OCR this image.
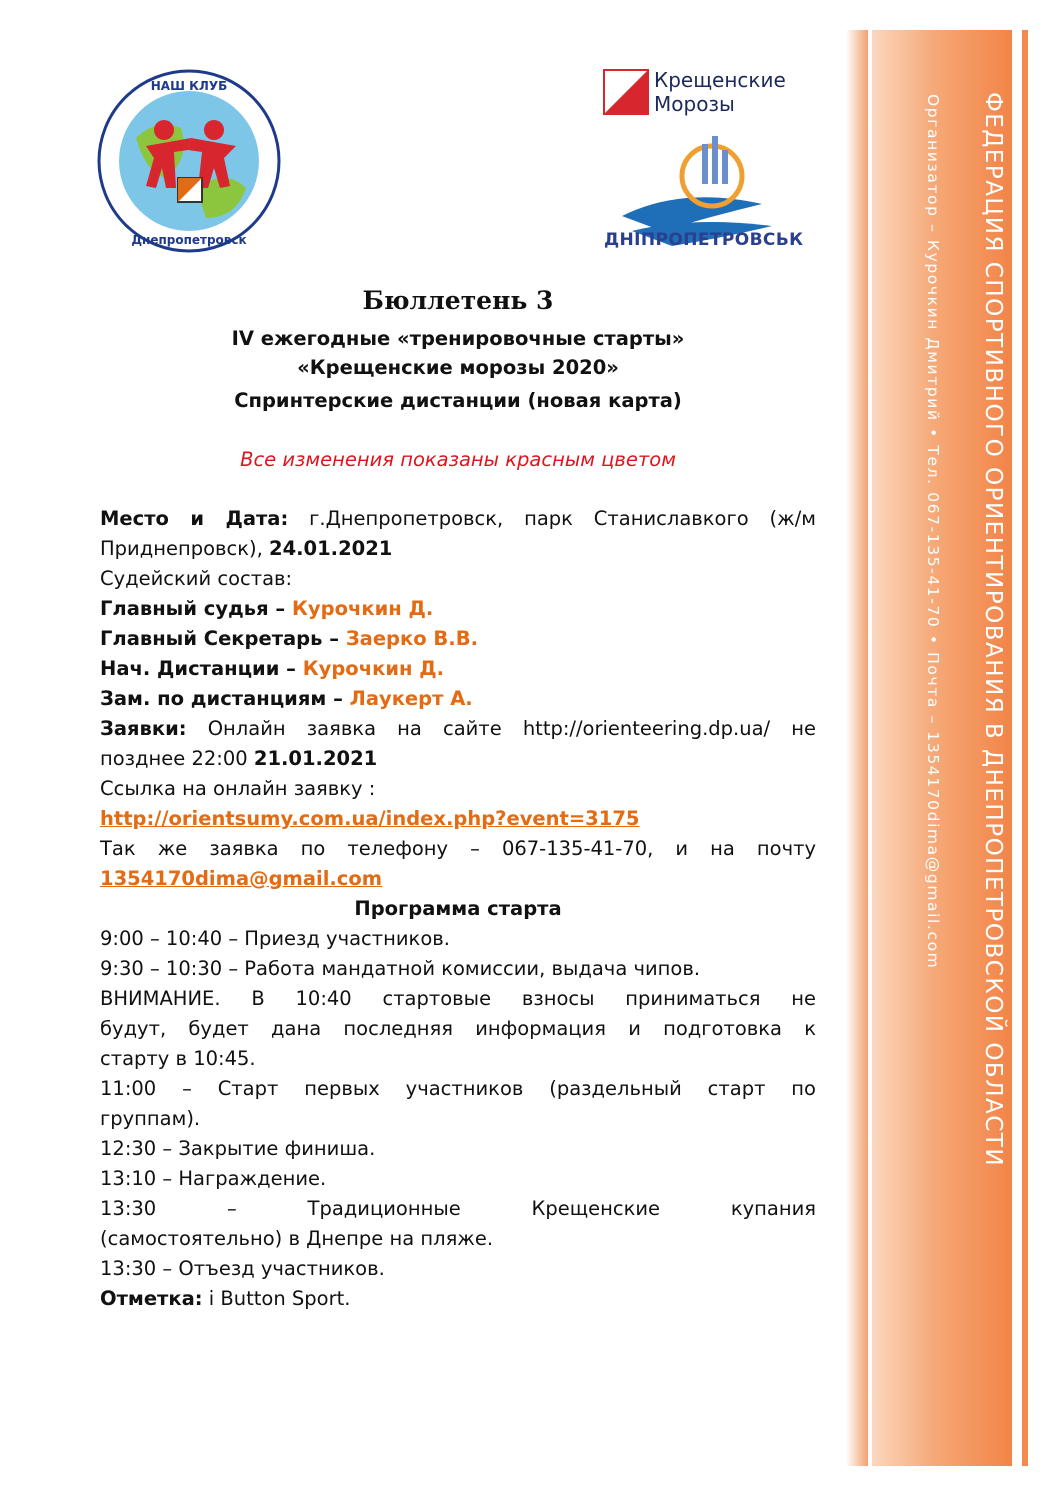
ФЕДЕРАЦИЯ СПОРТИВНОГО ОРИЕНТИРОВАНИЯ В ДНЕПРОПЕТРОВСКОЙ ОБЛАСТИ
Организатор – Курочкин Дмитрий • Тел. 067-135-41-70 • Почта – 1354170dima@gmail.com
НАШ КЛУБ
Днепропетровск
Крещенские
Морозы
ДНІПРОПЕТРОВСЬК
Бюллетень 3
IV ежегодные «тренировочные старты»
«Крещенские морозы 2020»
Спринтерские дистанции (новая карта)
Все изменения показаны красным цветом
Место и Дата: г.Днепропетровск, парк Станиславкого (ж/м
Приднепровск), 24.01.2021
Судейский состав:
Главный судья – Курочкин Д.
Главный Секретарь – Заерко В.В.
Нач. Дистанции – Курочкин Д.
Зам. по дистанциям – Лаукерт А.
Заявки: Онлайн заявка на сайте http://orienteering.dp.ua/ не
позднее 22:00 21.01.2021
Ссылка на онлайн заявку :
http://orientsumy.com.ua/index.php?event=3175
Так же заявка по телефону – 067-135-41-70, и на почту
1354170dima@gmail.com
Программа старта
9:00 – 10:40 – Приезд участников.
9:30 – 10:30 – Работа мандатной комиссии, выдача чипов.
ВНИМАНИЕ. В 10:40 стартовые взносы приниматься не
будут, будет дана последняя информация и подготовка к
старту в 10:45.
11:00 – Старт первых участников (раздельный старт по
группам).
12:30 – Закрытие финиша.
13:10 – Награждение.
13:30 – Традиционные Крещенские купания
(самостоятельно) в Днепре на пляже.
13:30 – Отъезд участников.
Отметка: i Button Sport.
